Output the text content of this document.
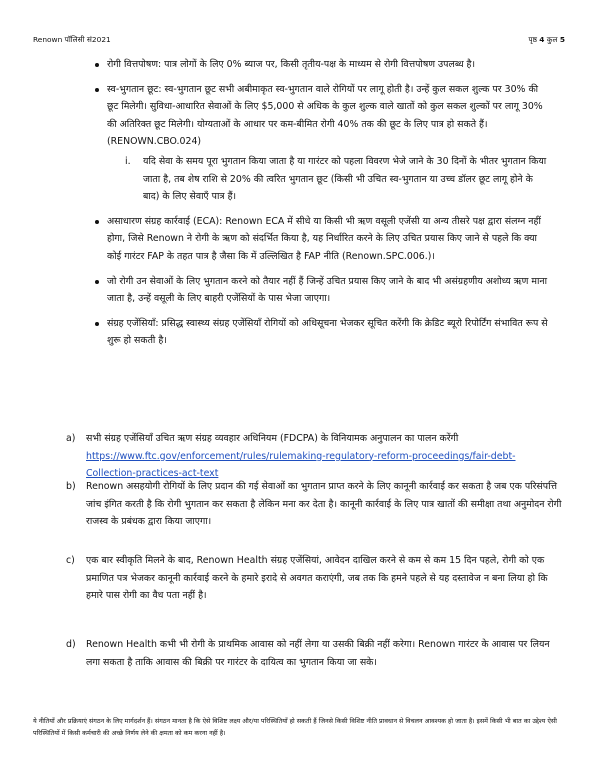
Renown पॉलिसी सं2021	पृष्ठ 4 कुल 5
रोगी वित्तपोषण: पात्र लोगों के लिए 0% ब्याज पर, किसी तृतीय-पक्ष के माध्यम से रोगी वित्तपोषण उपलब्ध है।
स्व-भुगतान छूट: स्व-भुगतान छूट सभी अबीमाकृत स्व-भुगतान वाले रोगियों पर लागू होती है। उन्हें कुल सकल शुल्क पर 30% की छूट मिलेगी। सुविधा-आधारित सेवाओं के लिए $5,000 से अधिक के कुल शुल्क वाले खातों को कुल सकल शुल्कों पर लागू 30% की अतिरिक्त छूट मिलेगी। योग्यताओं के आधार पर कम-बीमित रोगी 40% तक की छूट के लिए पात्र हो सकते हैं। (RENOWN.CBO.024)
i. यदि सेवा के समय पूरा भुगतान किया जाता है या गारंटर को पहला विवरण भेजे जाने के 30 दिनों के भीतर भुगतान किया जाता है, तब शेष राशि से 20% की त्वरित भुगतान छूट (किसी भी उचित स्व-भुगतान या उच्च डॉलर छूट लागू होने के बाद) के लिए सेवाएँ पात्र हैं।
असाधारण संग्रह कार्रवाई (ECA): Renown ECA में सीधे या किसी भी ऋण वसूली एजेंसी या अन्य तीसरे पक्ष द्वारा संलग्न नहीं होगा, जिसे Renown ने रोगी के ऋण को संदर्भित किया है, यह निर्धारित करने के लिए उचित प्रयास किए जाने से पहले कि क्या कोई गारंटर FAP के तहत पात्र है जैसा कि में उल्लिखित है FAP नीति (Renown.SPC.006.)।
जो रोगी उन सेवाओं के लिए भुगतान करने को तैयार नहीं हैं जिन्हें उचित प्रयास किए जाने के बाद भी असंग्रहणीय अशोध्य ऋण माना जाता है, उन्हें वसूली के लिए बाहरी एजेंसियों के पास भेजा जाएगा।
संग्रह एजेंसियाँ: प्रसिद्ध स्वास्थ्य संग्रह एजेंसियाँ रोगियों को अधिसूचना भेजकर सूचित करेंगी कि क्रेडिट ब्यूरो रिपोर्टिंग संभावित रूप से शुरू हो सकती है।
a)	सभी संग्रह एजेंसियाँ उचित ऋण संग्रह व्यवहार अधिनियम (FDCPA) के विनियामक अनुपालन का पालन करेंगी https://www.ftc.gov/enforcement/rules/rulemaking-regulatory-reform-proceedings/fair-debt-Collection-practices-act-text
b)	Renown असहयोगी रोगियों के लिए प्रदान की गई सेवाओं का भुगतान प्राप्त करने के लिए कानूनी कार्रवाई कर सकता है जब एक परिसंपत्ति जांच इंगित करती है कि रोगी भुगतान कर सकता है लेकिन मना कर देता है। कानूनी कार्रवाई के लिए पात्र खातों की समीक्षा तथा अनुमोदन रोगी राजस्व के प्रबंधक द्वारा किया जाएगा।
c)	एक बार स्वीकृति मिलने के बाद, Renown Health संग्रह एजेंसियां, आवेदन दाखिल करने से कम से कम 15 दिन पहले, रोगी को एक प्रमाणित पत्र भेजकर कानूनी कार्रवाई करने के हमारे इरादे से अवगत कराएंगी, जब तक कि हमने पहले से यह दस्तावेज न बना लिया हो कि हमारे पास रोगी का वैध पता नहीं है।
d)	Renown Health कभी भी रोगी के प्राथमिक आवास को नहीं लेगा या उसकी बिक्री नहीं करेगा। Renown गारंटर के आवास पर लियन लगा सकता है ताकि आवास की बिक्री पर गारंटर के दायित्व का भुगतान किया जा सके।
ये नीतियाँ और प्रक्रियाएं संगठन के लिए मार्गदर्शन हैं। संगठन मानता है कि ऐसे विशिष्ट लक्ष्य और/या परिस्थितियाँ हो सकती हैं जिनसे किसी विशिष्ट नीति प्रावधान से विचलन आवश्यक हो जाता है। इसमें किसी भी बात का उद्देश्य ऐसी परिस्थितियों में किसी कर्मचारी की अच्छे निर्णय लेने की क्षमता को कम करना नहीं है।
